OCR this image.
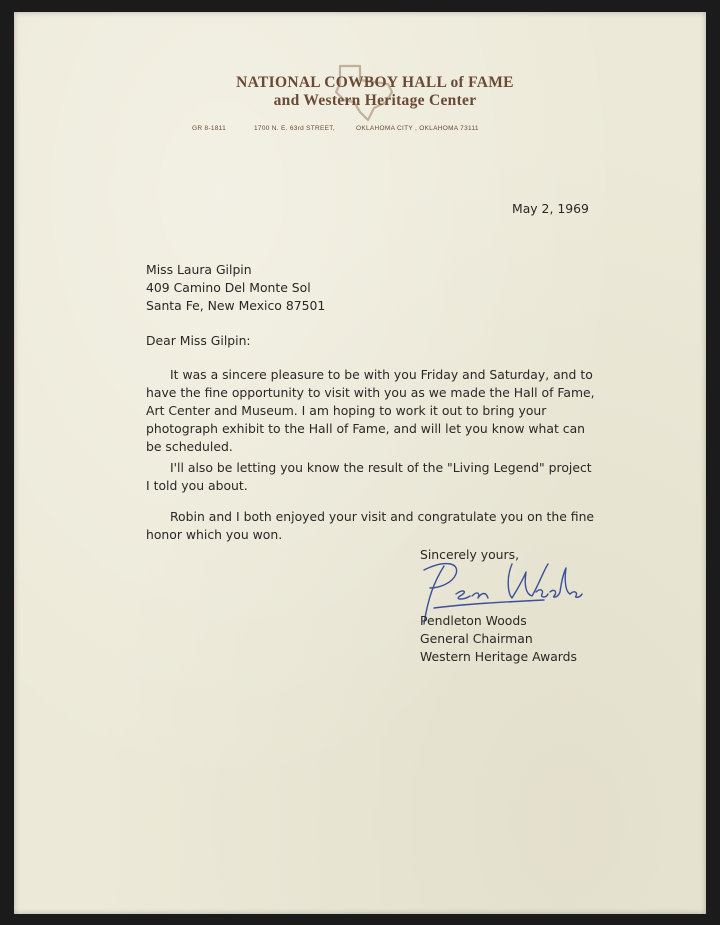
NATIONAL COWBOY HALL of FAME
and Western Heritage Center
GR 8-1811	1700 N. E. 63rd STREET,	OKLAHOMA CITY , OKLAHOMA 73111
May 2, 1969
Miss Laura Gilpin
409 Camino Del Monte Sol
Santa Fe, New Mexico 87501
Dear Miss Gilpin:
It was a sincere pleasure to be with you Friday and Saturday, and to have the fine opportunity to visit with you as we made the Hall of Fame, Art Center and Museum. I am hoping to work it out to bring your photograph exhibit to the Hall of Fame, and will let you know what can be scheduled.
I'll also be letting you know the result of the "Living Legend" project I told you about.
Robin and I both enjoyed your visit and congratulate you on the fine honor which you won.
Sincerely yours,
Pendleton Woods
General Chairman
Western Heritage Awards
